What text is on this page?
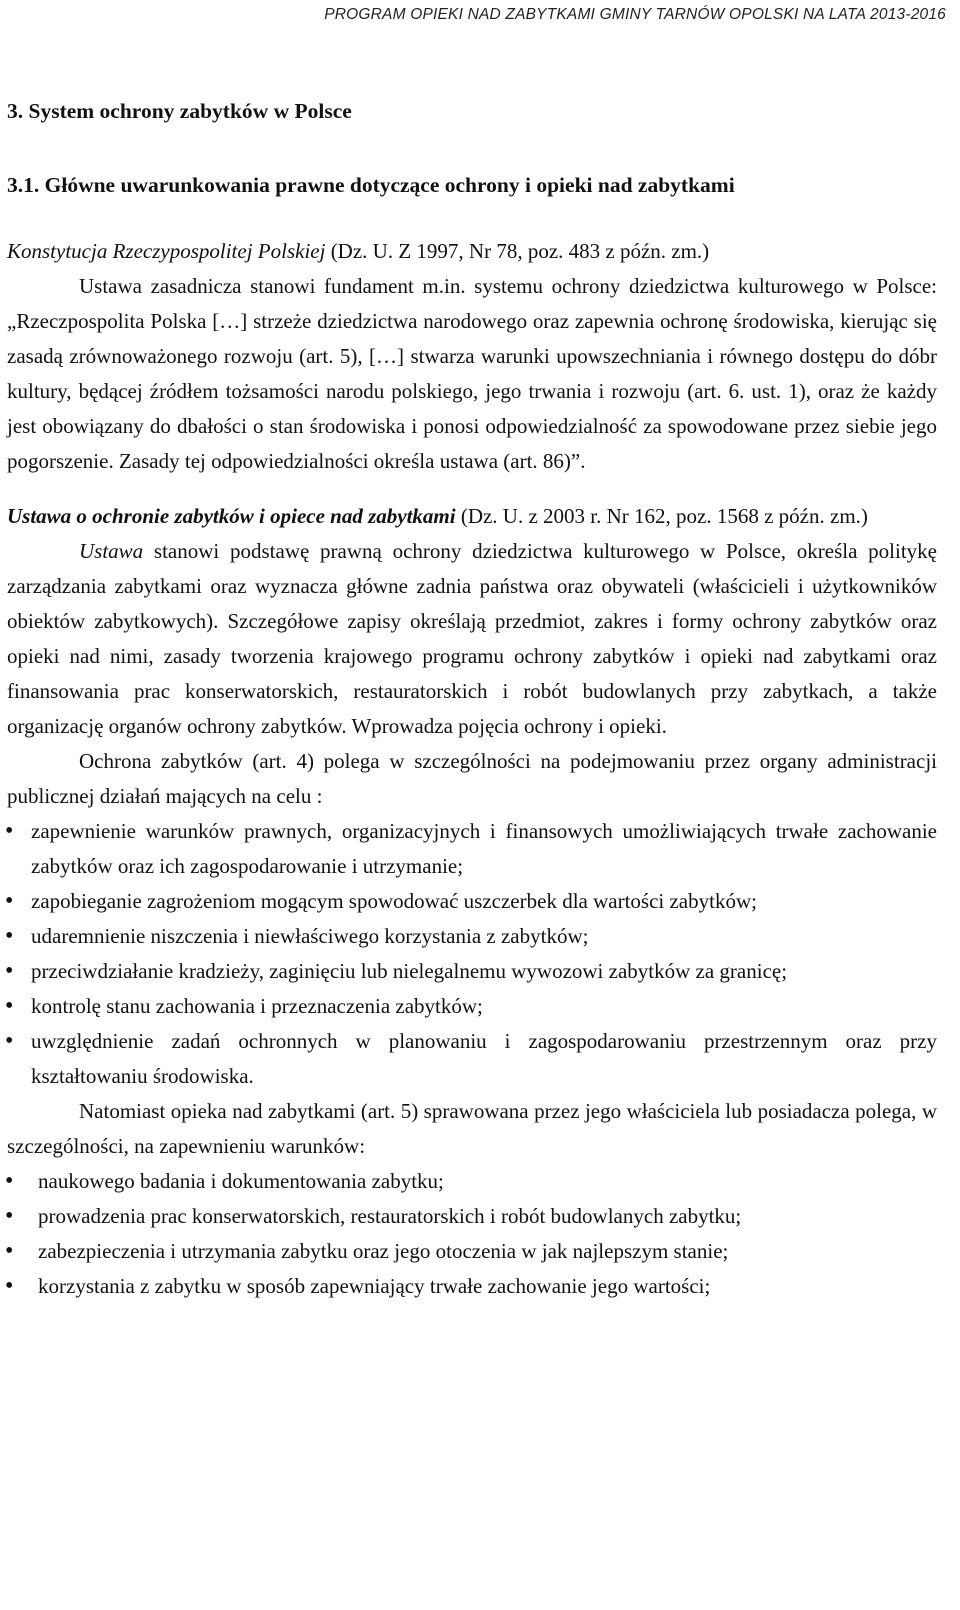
PROGRAM OPIEKI NAD ZABYTKAMI GMINY TARNÓW OPOLSKI NA LATA 2013-2016
3. System ochrony zabytków w Polsce
3.1. Główne uwarunkowania prawne dotyczące ochrony i opieki nad zabytkami

Konstytucja Rzeczypospolitej Polskiej (Dz. U. Z 1997, Nr 78, poz. 483 z późn. zm.)

Ustawa zasadnicza stanowi fundament m.in. systemu ochrony dziedzictwa kulturowego w Polsce: „Rzeczpospolita Polska […] strzeże dziedzictwa narodowego oraz zapewnia ochronę środowiska, kierując się zasadą zrównoważonego rozwoju (art. 5), […] stwarza warunki upowszechniania i równego dostępu do dóbr kultury, będącej źródłem tożsamości narodu polskiego, jego trwania i rozwoju (art. 6. ust. 1), oraz że każdy jest obowiązany do dbałości o stan środowiska i ponosi odpowiedzialność za spowodowane przez siebie jego pogorszenie. Zasady tej odpowiedzialności określa ustawa (art. 86)”.

Ustawa o ochronie zabytków i opiece nad zabytkami (Dz. U. z 2003 r. Nr 162, poz. 1568 z późn. zm.)

Ustawa stanowi podstawę prawną ochrony dziedzictwa kulturowego w Polsce, określa politykę zarządzania zabytkami oraz wyznacza główne zadnia państwa oraz obywateli (właścicieli i użytkowników obiektów zabytkowych). Szczegółowe zapisy określają przedmiot, zakres i formy ochrony zabytków oraz opieki nad nimi, zasady tworzenia krajowego programu ochrony zabytków i opieki nad zabytkami oraz finansowania prac konserwatorskich, restauratorskich i robót budowlanych przy zabytkach, a także organizację organów ochrony zabytków. Wprowadza pojęcia ochrony i opieki.

Ochrona zabytków (art. 4) polega w szczególności na podejmowaniu przez organy administracji publicznej działań mających na celu :

• zapewnienie warunków prawnych, organizacyjnych i finansowych umożliwiających trwałe zachowanie zabytków oraz ich zagospodarowanie i utrzymanie;
• zapobieganie zagrożeniom mogącym spowodować uszczerbek dla wartości zabytków;
• udaremnienie niszczenia i niewłaściwego korzystania z zabytków;
• przeciwdziałanie kradzieży, zaginięciu lub nielegalnemu wywozowi zabytków za granicę;
• kontrolę stanu zachowania i przeznaczenia zabytków;
• uwzględnienie zadań ochronnych w planowaniu i zagospodarowaniu przestrzennym oraz przy kształtowaniu środowiska.

Natomiast opieka nad zabytkami (art. 5) sprawowana przez jego właściciela lub posiadacza polega, w szczególności, na zapewnieniu warunków:

• naukowego badania i dokumentowania zabytku;
• prowadzenia prac konserwatorskich, restauratorskich i robót budowlanych zabytku;
• zabezpieczenia i utrzymania zabytku oraz jego otoczenia w jak najlepszym stanie;
• korzystania z zabytku w sposób zapewniający trwałe zachowanie jego wartości;
